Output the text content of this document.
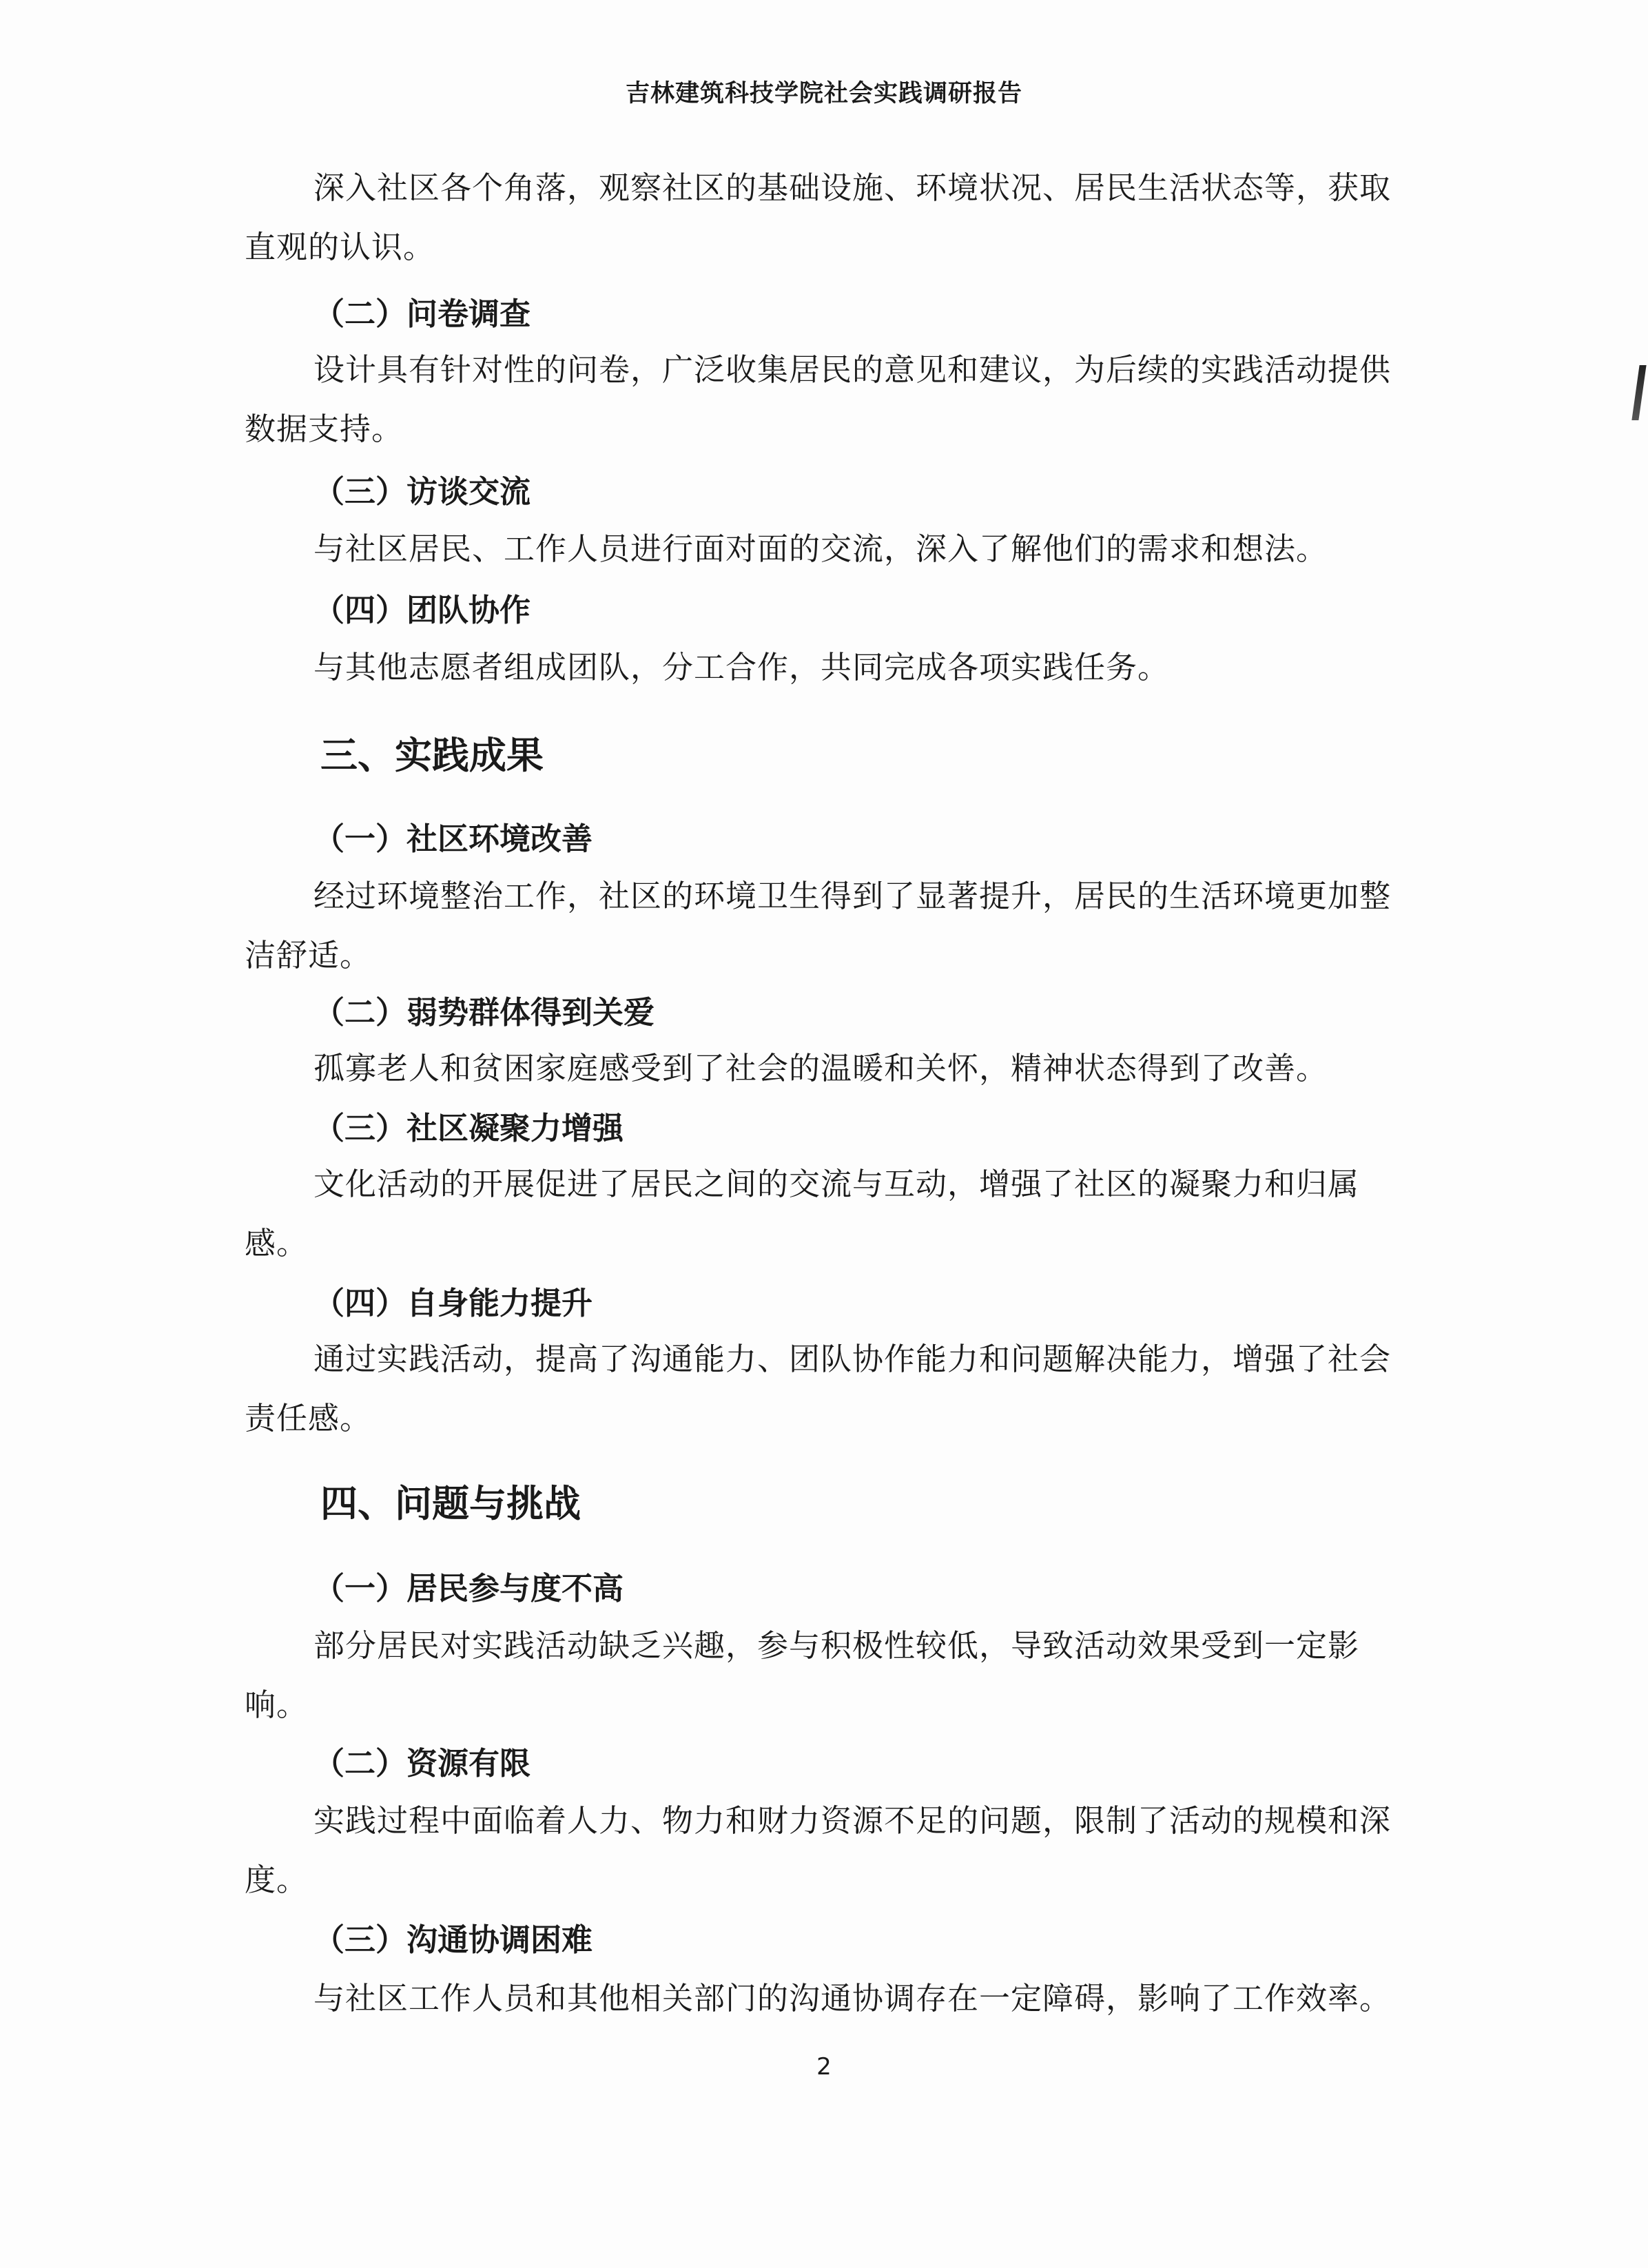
吉林建筑科技学院社会实践调研报告

深入社区各个角落，观察社区的基础设施、环境状况、居民生活状态等，获取直观的认识。

（二）问卷调查

设计具有针对性的问卷，广泛收集居民的意见和建议，为后续的实践活动提供数据支持。

（三）访谈交流

与社区居民、工作人员进行面对面的交流，深入了解他们的需求和想法。

（四）团队协作

与其他志愿者组成团队，分工合作，共同完成各项实践任务。

三、实践成果
（一）社区环境改善

经过环境整治工作，社区的环境卫生得到了显著提升，居民的生活环境更加整洁舒适。

（二）弱势群体得到关爱

孤寡老人和贫困家庭感受到了社会的温暖和关怀，精神状态得到了改善。

（三）社区凝聚力增强

文化活动的开展促进了居民之间的交流与互动，增强了社区的凝聚力和归属感。

（四）自身能力提升

通过实践活动，提高了沟通能力、团队协作能力和问题解决能力，增强了社会责任感。

四、问题与挑战
（一）居民参与度不高

部分居民对实践活动缺乏兴趣，参与积极性较低，导致活动效果受到一定影响。

（二）资源有限

实践过程中面临着人力、物力和财力资源不足的问题，限制了活动的规模和深度。

（三）沟通协调困难

与社区工作人员和其他相关部门的沟通协调存在一定障碍，影响了工作效率。

2
